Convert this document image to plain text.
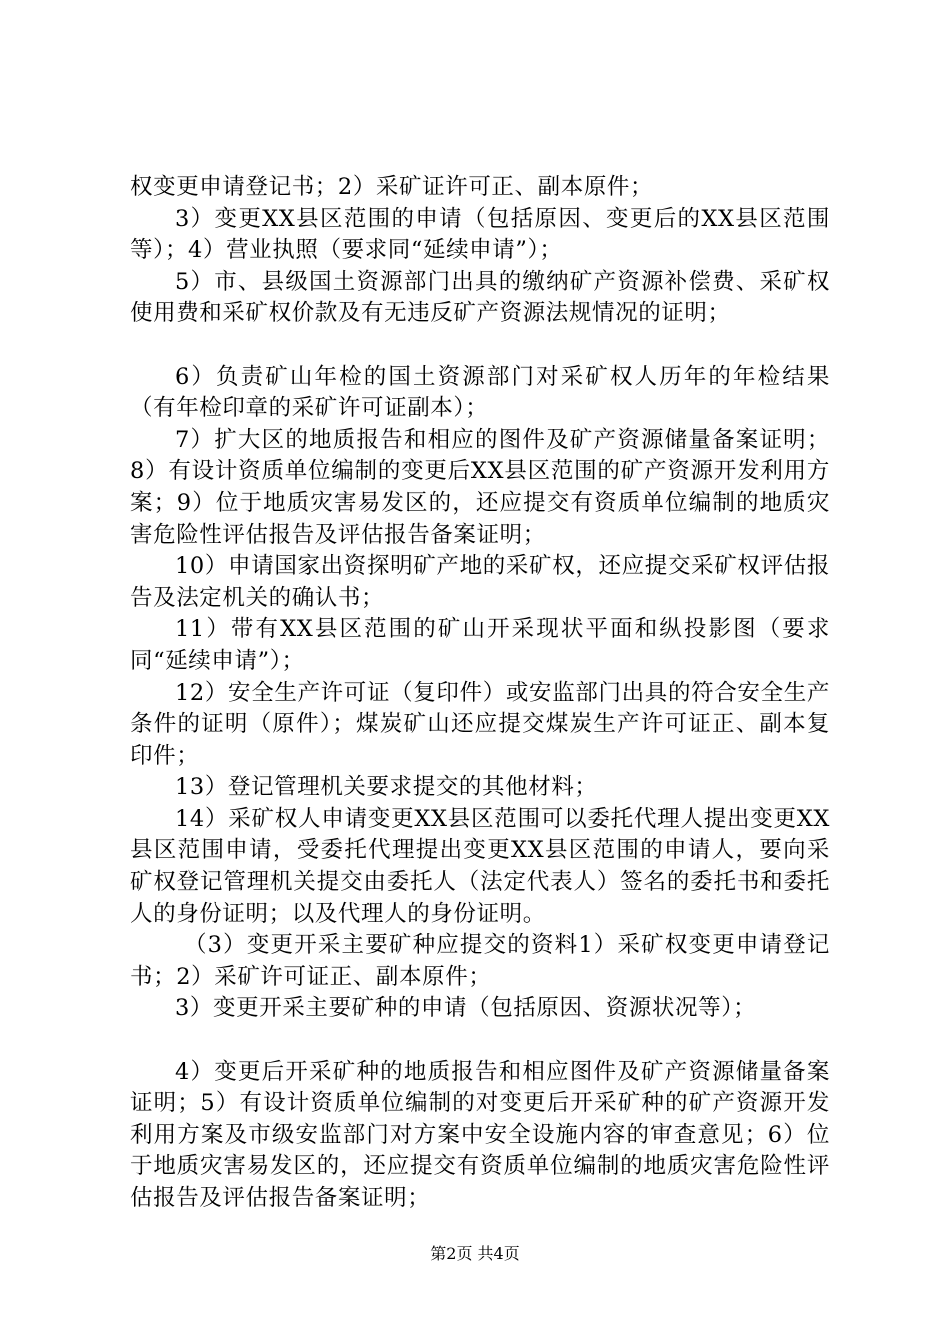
权变更申请登记书；2）采矿证许可正、副本原件；

3）变更XX县区范围的申请（包括原因、变更后的XX县区范围等）；4）营业执照（要求同“延续申请”）；

5）市、县级国土资源部门出具的缴纳矿产资源补偿费、采矿权使用费和采矿权价款及有无违反矿产资源法规情况的证明；

6）负责矿山年检的国土资源部门对采矿权人历年的年检结果（有年检印章的采矿许可证副本）；

7）扩大区的地质报告和相应的图件及矿产资源储量备案证明；8）有设计资质单位编制的变更后XX县区范围的矿产资源开发利用方案；9）位于地质灾害易发区的，还应提交有资质单位编制的地质灾害危险性评估报告及评估报告备案证明；

10）申请国家出资探明矿产地的采矿权，还应提交采矿权评估报告及法定机关的确认书；

11）带有XX县区范围的矿山开采现状平面和纵投影图（要求同“延续申请”）；

12）安全生产许可证（复印件）或安监部门出具的符合安全生产条件的证明（原件）；煤炭矿山还应提交煤炭生产许可证正、副本复印件；

13）登记管理机关要求提交的其他材料；

14）采矿权人申请变更XX县区范围可以委托代理人提出变更XX县区范围申请，受委托代理提出变更XX县区范围的申请人，要向采矿权登记管理机关提交由委托人（法定代表人）签名的委托书和委托人的身份证明；以及代理人的身份证明。

（3）变更开采主要矿种应提交的资料1）采矿权变更申请登记书；2）采矿许可证正、副本原件；

3）变更开采主要矿种的申请（包括原因、资源状况等）；

4）变更后开采矿种的地质报告和相应图件及矿产资源储量备案证明；5）有设计资质单位编制的对变更后开采矿种的矿产资源开发利用方案及市级安监部门对方案中安全设施内容的审查意见；6）位于地质灾害易发区的，还应提交有资质单位编制的地质灾害危险性评估报告及评估报告备案证明；

第2页 共4页
